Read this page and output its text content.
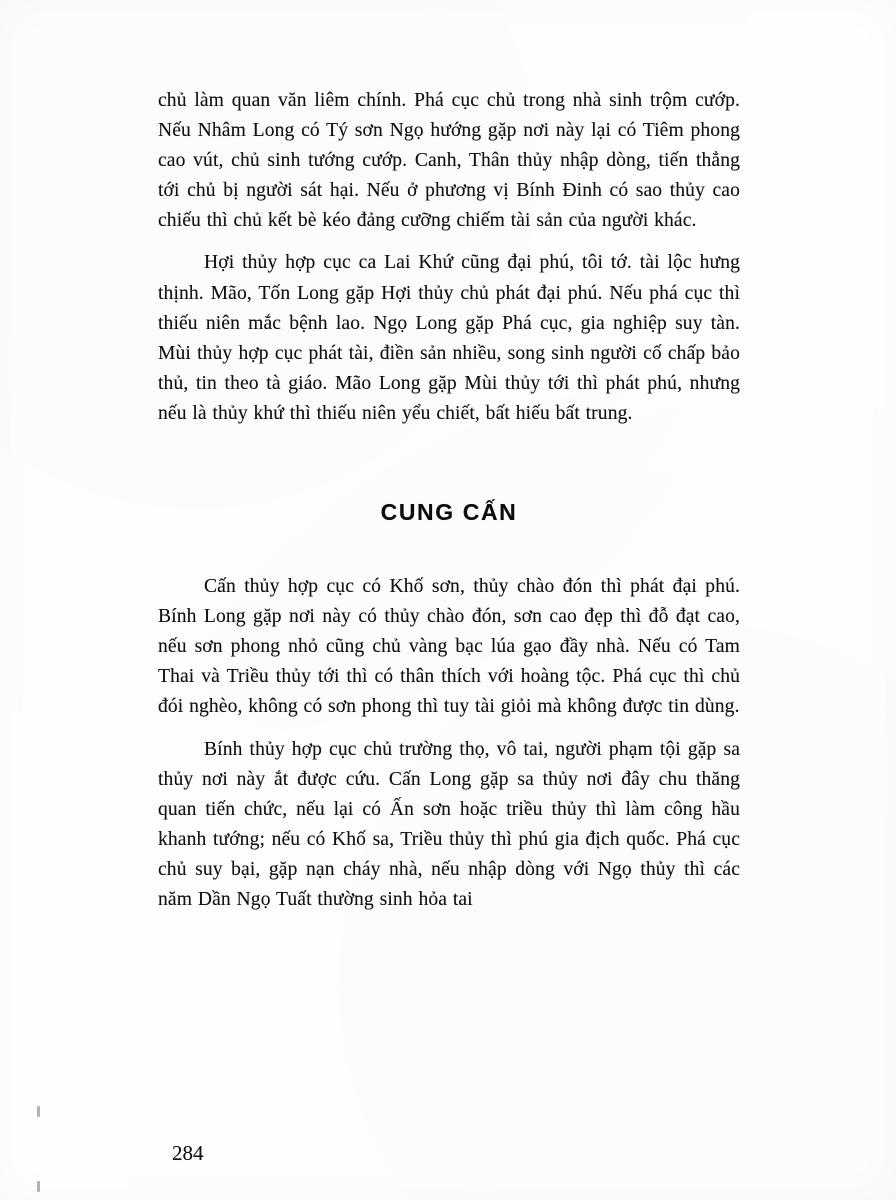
chủ làm quan văn liêm chính. Phá cục chủ trong nhà sinh trộm cướp. Nếu Nhâm Long có Tý sơn Ngọ hướng gặp nơi này lại có Tiêm phong cao vút, chủ sinh tướng cướp. Canh, Thân thủy nhập dòng, tiến thẳng tới chủ bị người sát hại. Nếu ở phương vị Bính Đinh có sao thủy cao chiếu thì chủ kết bè kéo đảng cưỡng chiếm tài sản của người khác.

Hợi thủy hợp cục ca Lai Khứ cũng đại phú, tôi tớ. tài lộc hưng thịnh. Mão, Tốn Long gặp Hợi thủy chủ phát đại phú. Nếu phá cục thì thiếu niên mắc bệnh lao. Ngọ Long gặp Phá cục, gia nghiệp suy tàn. Mùi thủy hợp cục phát tài, điền sản nhiều, song sinh người cố chấp bảo thủ, tin theo tà giáo. Mão Long gặp Mùi thủy tới thì phát phú, nhưng nếu là thủy khứ thì thiếu niên yểu chiết, bất hiếu bất trung.

CUNG CẤN

Cấn thủy hợp cục có Khố sơn, thủy chào đón thì phát đại phú. Bính Long gặp nơi này có thủy chào đón, sơn cao đẹp thì đỗ đạt cao, nếu sơn phong nhỏ cũng chủ vàng bạc lúa gạo đầy nhà. Nếu có Tam Thai và Triều thủy tới thì có thân thích với hoàng tộc. Phá cục thì chủ đói nghèo, không có sơn phong thì tuy tài giỏi mà không được tin dùng.

Bính thủy hợp cục chủ trường thọ, vô tai, người phạm tội gặp sa thủy nơi này ắt được cứu. Cấn Long gặp sa thủy nơi đây chu thăng quan tiến chức, nếu lại có Ấn sơn hoặc triều thủy thì làm công hầu khanh tướng; nếu có Khố sa, Triều thủy thì phú gia địch quốc. Phá cục chủ suy bại, gặp nạn cháy nhà, nếu nhập dòng với Ngọ thủy thì các năm Dần Ngọ Tuất thường sinh hỏa tai

284
